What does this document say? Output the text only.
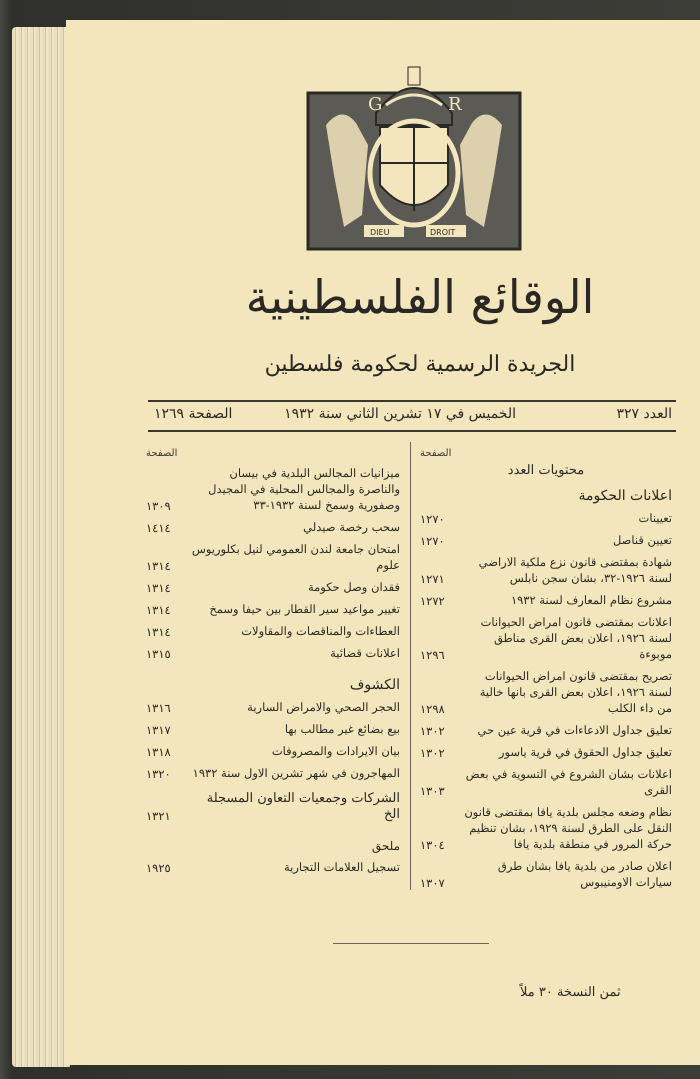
G	R
DIEU	DROIT
الوقائع الفلسطينية
الجريدة الرسمية لحكومة فلسطين
العدد ٣٢٧
الخميس في ١٧ تشرين الثاني سنة ١٩٣٢
الصفحة ١٢٦٩
الصفحة
محتويات العدد
اعلانات الحكومة
تعيينات
١٢٧٠
تعيين قناصل
١٢٧٠
شهادة بمقتضى قانون نزع ملكية الاراضي لسنة ١٩٢٦-٣٢، بشان سجن نابلس
١٢٧١
مشروع نظام المعارف لسنة ١٩٣٢
١٢٧٢
اعلانات بمقتضى قانون امراض الحيوانات لسنة ١٩٢٦، اعلان بعض القرى مناطق موبوءة
١٢٩٦
تصريح بمقتضى قانون امراض الحيوانات لسنة ١٩٢٦، اعلان بعض القرى بانها خالية من داء الكلب
١٢٩٨
تعليق جداول الادعاءات في قرية عين حي
١٣٠٢
تعليق جداول الحقوق في قرية ياسور
١٣٠٢
اعلانات بشان الشروع في التسوية في بعض القرى
١٣٠٣
نظام وضعه مجلس بلدية يافا بمقتضى قانون النقل على الطرق لسنة ١٩٢٩، بشان تنظيم حركة المرور في منطقة بلدية يافا
١٣٠٤
اعلان صادر من بلدية يافا بشان طرق سيارات الاومنيبوس
١٣٠٧
الصفحة
ميزانيات المجالس البلدية في بيسان والناصرة والمجالس المحلية في المجيدل وصفورية وسمخ لسنة ١٩٣٢-٣٣
١٣٠٩
سحب رخصة صيدلي
١٤١٤
امتحان جامعة لندن العمومي لنيل بكلوريوس علوم
١٣١٤
فقدان وصل حكومة
١٣١٤
تغيير مواعيد سير القطار بين حيفا وسمخ
١٣١٤
العطاءات والمناقصات والمقاولات
١٣١٤
اعلانات قضائية
١٣١٥
الكشوف
الحجر الصحي والامراض السارية
١٣١٦
بيع بضائع غير مطالب بها
١٣١٧
بيان الايرادات والمصروفات
١٣١٨
المهاجرون في شهر تشرين الاول سنة ١٩٣٢
١٣٢٠
الشركات وجمعيات التعاون المسجلة الخ
١٣٢١
ملحق
تسجيل العلامات التجارية
١٩٢٥
ثمن النسخة ٣٠ ملاً
